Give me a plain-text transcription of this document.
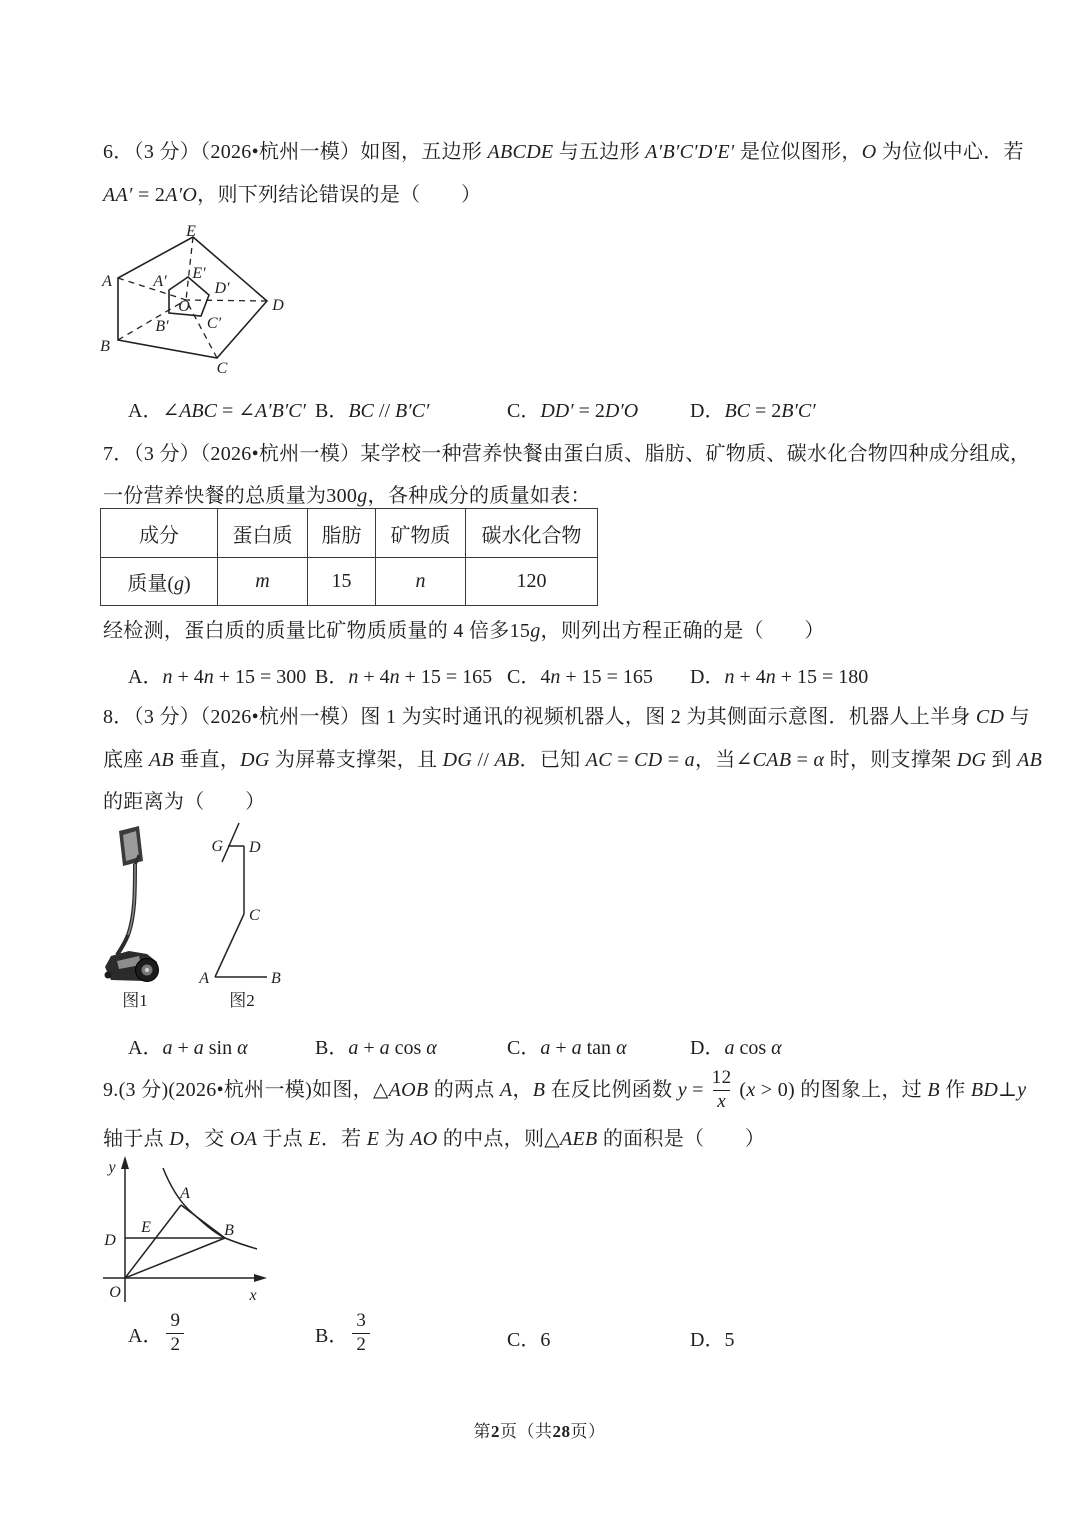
6．（3 分）（2026•杭州一模）如图，五边形 ABCDE 与五边形 A′B′C′D′E′ 是位似图形，O 为位似中心．若
AA′ = 2A′O，则下列结论错误的是（　　）
E
A
B
C
D
A′ E′
D′
B′ C′
O
A．∠ABC = ∠A′B′C′ B．BC // B′C′	C．DD′ = 2D′O	D．BC = 2B′C′
7．（3 分）（2026•杭州一模）某学校一种营养快餐由蛋白质、脂肪、矿物质、碳水化合物四种成分组成，
一份营养快餐的总质量为300g，各种成分的质量如表：
成分	蛋白质	脂肪	矿物质	碳水化合物
质量(g)	m	15	n	120
经检测，蛋白质的质量比矿物质质量的 4 倍多15g，则列出方程正确的是（　　）
A．n + 4n + 15 = 300 B．n + 4n + 15 = 165 C．4n + 15 = 165 D．n + 4n + 15 = 180
8．（3 分）（2026•杭州一模）图 1 为实时通讯的视频机器人，图 2 为其侧面示意图．机器人上半身 CD 与
底座 AB 垂直，DG 为屏幕支撑架，且 DG // AB．已知 AC = CD = a，当∠CAB = α 时，则支撑架 DG 到 AB
的距离为（　　）
G D
C
A	B
图1	图2
A．a + a sin α	B．a + a cos α	C．a + a tan α	D．a cos α
9.(3 分)(2026•杭州一模)如图，△AOB 的两点 A，B 在反比例函数 $y = \frac{12}{x} (x > 0)$ 的图象上，过 B 作 BD⊥y
轴于点 D，交 OA 于点 E．若 E 为 AO 的中点，则△AEB 的面积是（　　）
y
x
O
D
E
A
B
A． $\frac{9}{2}$	B． $\frac{3}{2}$	C．6	D．5
第2页（共28页）
